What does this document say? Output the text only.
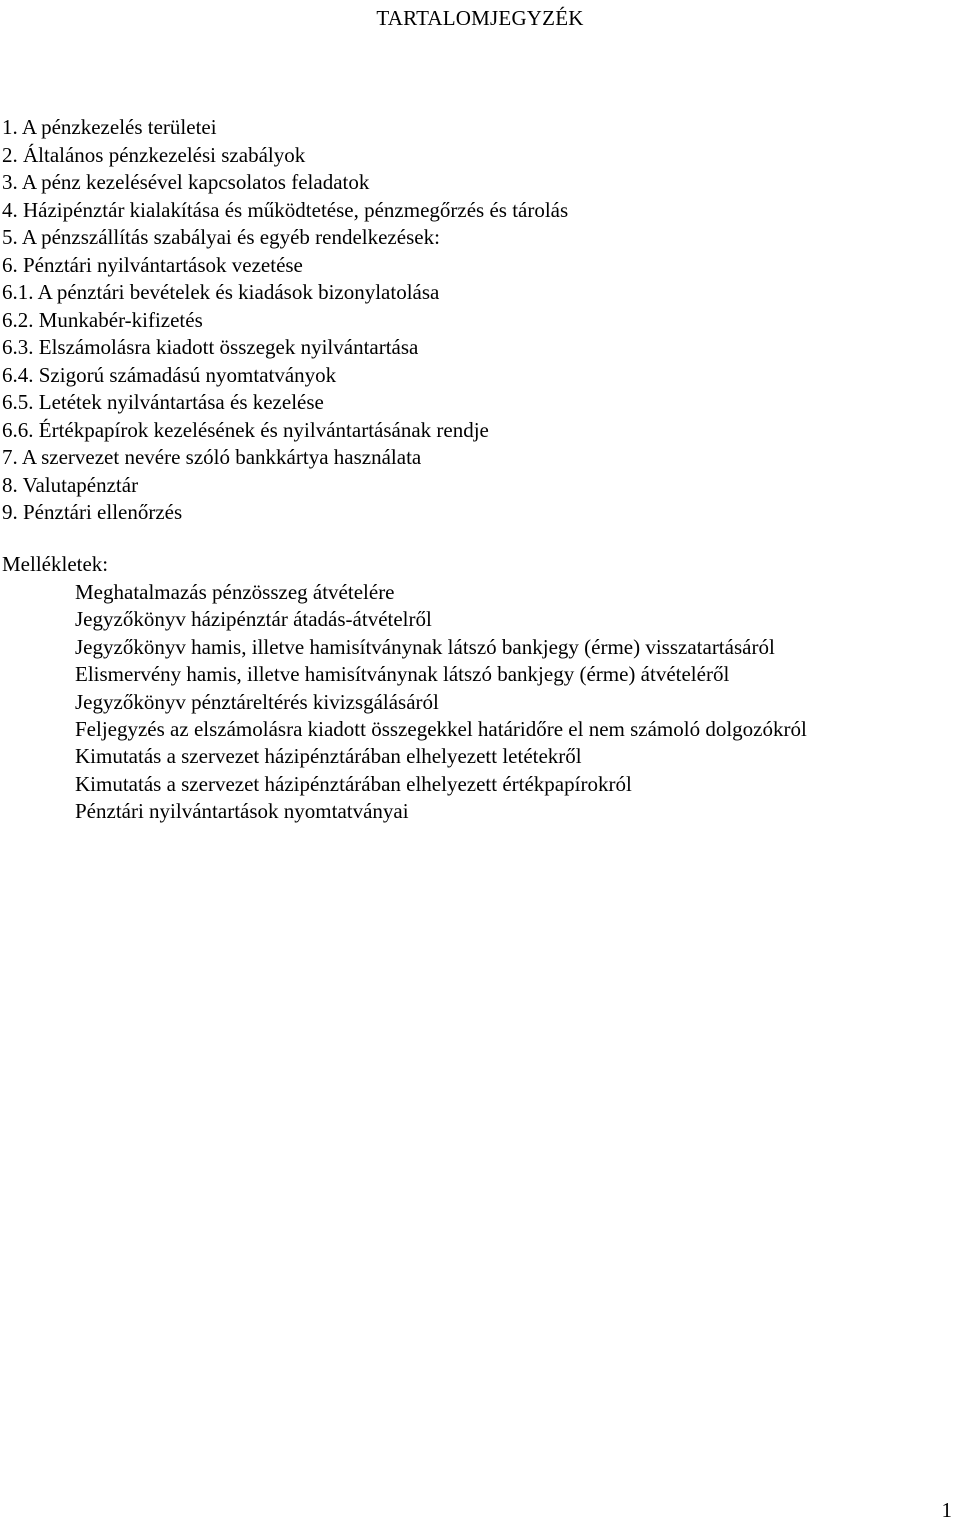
TARTALOMJEGYZÉK
1. A pénzkezelés területei
2. Általános pénzkezelési szabályok
3. A pénz kezelésével kapcsolatos feladatok
4. Házipénztár kialakítása és működtetése, pénzmegőrzés és tárolás
5. A pénzszállítás szabályai és egyéb rendelkezések:
6. Pénztári nyilvántartások vezetése
6.1. A pénztári bevételek és kiadások bizonylatolása
6.2. Munkabér-kifizetés
6.3. Elszámolásra kiadott összegek nyilvántartása
6.4. Szigorú számadású nyomtatványok
6.5. Letétek nyilvántartása és kezelése
6.6. Értékpapírok kezelésének és nyilvántartásának rendje
7. A szervezet nevére szóló bankkártya használata
8. Valutapénztár
9. Pénztári ellenőrzés
Mellékletek:
Meghatalmazás pénzösszeg átvételére
Jegyzőkönyv házipénztár átadás-átvételről
Jegyzőkönyv hamis, illetve hamisítványnak látszó bankjegy (érme) visszatartásáról
Elismervény hamis, illetve hamisítványnak látszó bankjegy (érme) átvételéről
Jegyzőkönyv pénztáreltérés kivizsgálásáról
Feljegyzés az elszámolásra kiadott összegekkel határidőre el nem számoló dolgozókról
Kimutatás a szervezet házipénztárában elhelyezett letétekről
Kimutatás a szervezet házipénztárában elhelyezett értékpapírokról
Pénztári nyilvántartások nyomtatványai
1
